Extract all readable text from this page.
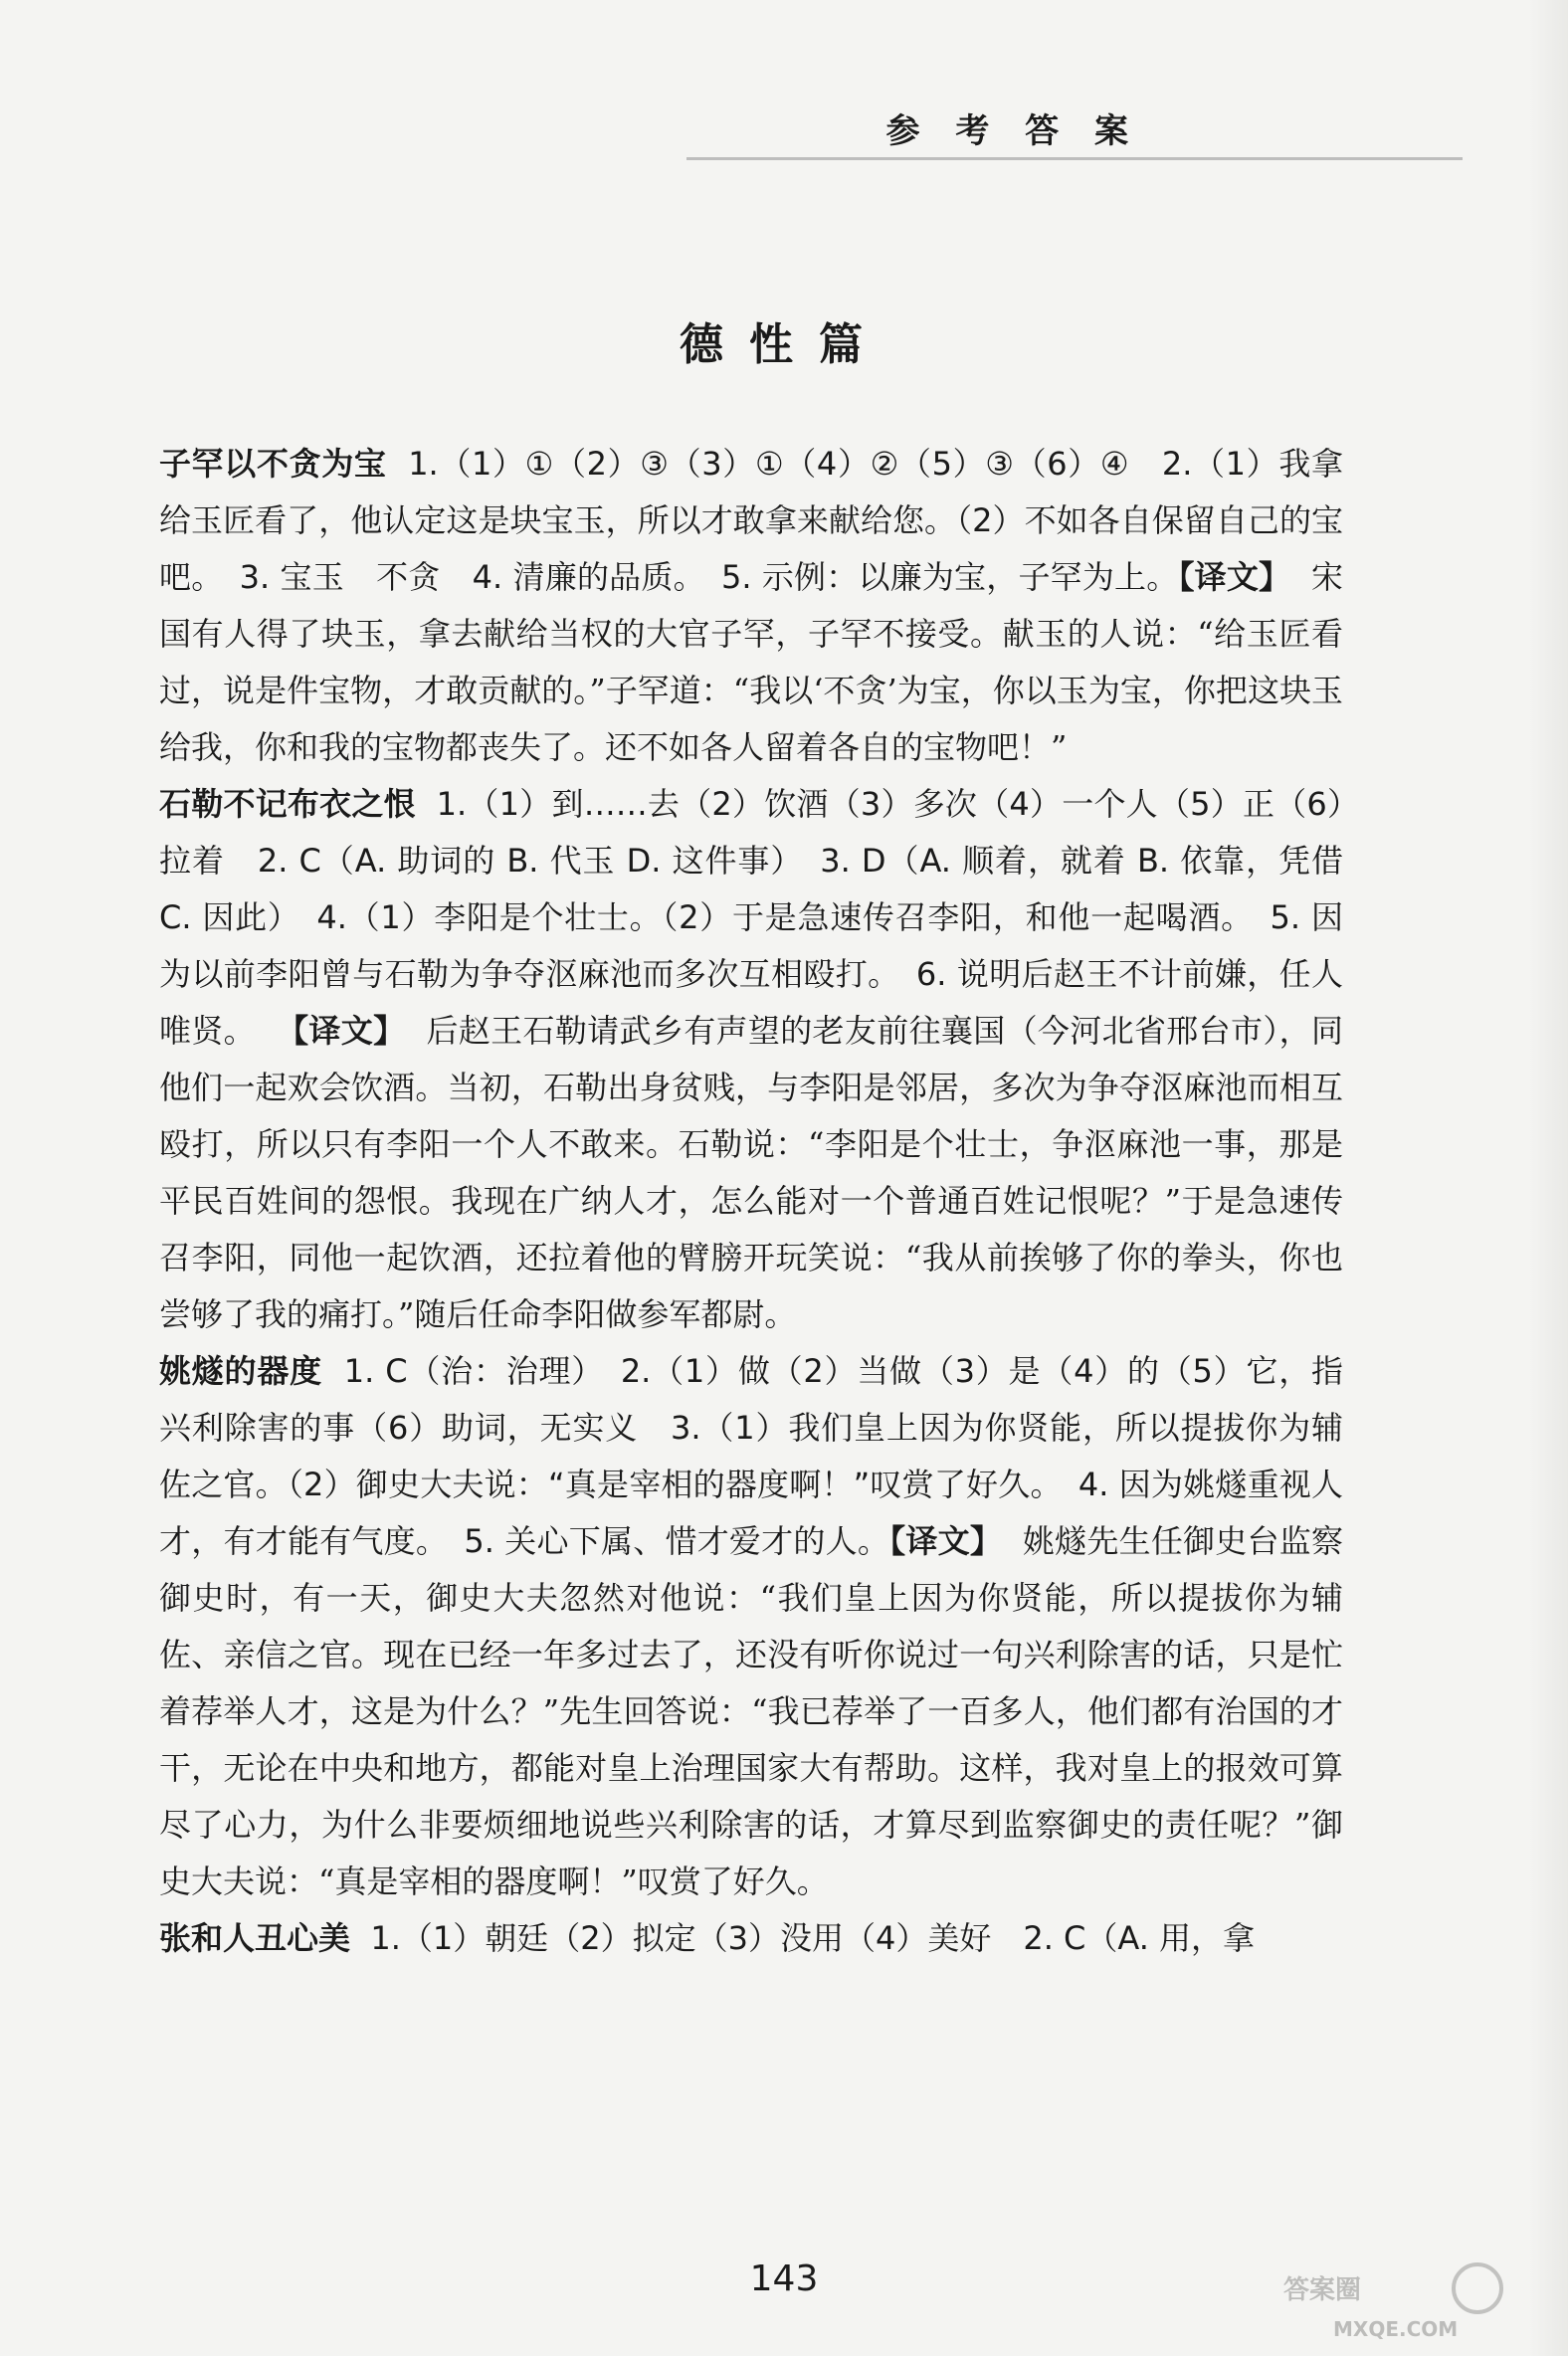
参 考 答 案
德性篇

子罕以不贪为宝 1.（1）①（2）③（3）①（4）②（5）③（6）④　2.（1）我拿给玉匠看了，他认定这是块宝玉，所以才敢拿来献给您。（2）不如各自保留自己的宝吧。　3. 宝玉　不贪　4. 清廉的品质。　5. 示例：以廉为宝，子罕为上。【译文】 宋国有人得了块玉，拿去献给当权的大官子罕，子罕不接受。献玉的人说：“给玉匠看过，说是件宝物，才敢贡献的。”子罕道：“我以‘不贪’为宝，你以玉为宝，你把这块玉给我，你和我的宝物都丧失了。还不如各人留着各自的宝物吧！”

石勒不记布衣之恨 1.（1）到……去（2）饮酒（3）多次（4）一个人（5）正（6）拉着　2. C（A. 助词的 B. 代玉 D. 这件事）　3. D（A. 顺着，就着 B. 依靠，凭借 C. 因此）　4.（1）李阳是个壮士。（2）于是急速传召李阳，和他一起喝酒。　5. 因为以前李阳曾与石勒为争夺沤麻池而多次互相殴打。　6. 说明后赵王不计前嫌，任人唯贤。 【译文】 后赵王石勒请武乡有声望的老友前往襄国（今河北省邢台市），同他们一起欢会饮酒。当初，石勒出身贫贱，与李阳是邻居，多次为争夺沤麻池而相互殴打，所以只有李阳一个人不敢来。石勒说：“李阳是个壮士，争沤麻池一事，那是平民百姓间的怨恨。我现在广纳人才，怎么能对一个普通百姓记恨呢？”于是急速传召李阳，同他一起饮酒，还拉着他的臂膀开玩笑说：“我从前挨够了你的拳头，你也尝够了我的痛打。”随后任命李阳做参军都尉。

姚燧的器度 1. C（治：治理）　2.（1）做（2）当做（3）是（4）的（5）它，指兴利除害的事（6）助词，无实义　3.（1）我们皇上因为你贤能，所以提拔你为辅佐之官。（2）御史大夫说：“真是宰相的器度啊！”叹赏了好久。　4. 因为姚燧重视人才，有才能有气度。　5. 关心下属、惜才爱才的人。【译文】 姚燧先生任御史台监察御史时，有一天，御史大夫忽然对他说：“我们皇上因为你贤能，所以提拔你为辅佐、亲信之官。现在已经一年多过去了，还没有听你说过一句兴利除害的话，只是忙着荐举人才，这是为什么？”先生回答说：“我已荐举了一百多人，他们都有治国的才干，无论在中央和地方，都能对皇上治理国家大有帮助。这样，我对皇上的报效可算尽了心力，为什么非要烦细地说些兴利除害的话，才算尽到监察御史的责任呢？”御史大夫说：“真是宰相的器度啊！”叹赏了好久。

张和人丑心美 1.（1）朝廷（2）拟定（3）没用（4）美好　2. C（A. 用，拿

143	答案圈
MXQE.COM
